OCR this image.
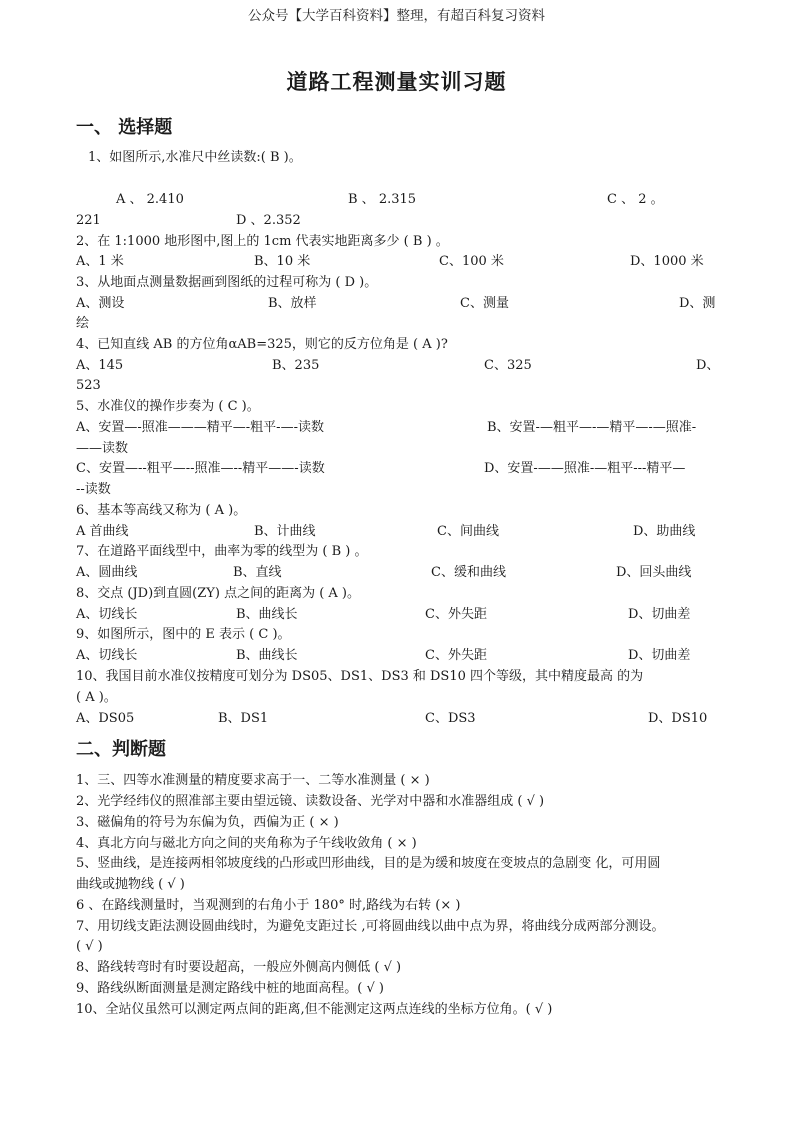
公众号【大学百科资料】整理，有超百科复习资料
道路工程测量实训习题
一、 选择题
1、如图所示,水准尺中丝读数:( B )。
A 、 2.410	B 、 2.315	C 、 2 。
221	D 、2.352
2、在 1:1000 地形图中,图上的 1cm 代表实地距离多少 ( B ) 。
A、1 米	B、10 米	C、100 米	D、1000 米
3、从地面点测量数据画到图纸的过程可称为 ( D )。
A、测设	B、放样	C、测量	D、测
绘
4、已知直线 AB 的方位角αAB=325，则它的反方位角是 ( A )?
A、145	B、235	C、325	D、
523
5、水准仪的操作步奏为 ( C )。
A、安置—-照准———精平—-粗平-—-读数	B、安置-—粗平—-—精平—-—照准-
——读数
C、安置—--粗平—--照准—--精平——-读数	D、安置-——照准-—粗平---精平—
--读数
6、基本等高线又称为 ( A )。
A 首曲线	B、计曲线	C、间曲线	D、助曲线
7、在道路平面线型中，曲率为零的线型为 ( B ) 。
A、圆曲线	B、直线	C、缓和曲线	D、回头曲线
8、交点 (JD)到直圆(ZY) 点之间的距离为 ( A )。
A、切线长	B、曲线长	C、外失距	D、切曲差
9、如图所示，图中的 E 表示 ( C )。
A、切线长	B、曲线长	C、外失距	D、切曲差
10、我国目前水准仪按精度可划分为 DS05、DS1、DS3 和 DS10 四个等级，其中精度最高 的为
( A )。
A、DS05	B、DS1	C、DS3	D、DS10
二、判断题
1、三、四等水准测量的精度要求高于一、二等水准测量 ( × )
2、光学经纬仪的照准部主要由望远镜、读数设备、光学对中器和水准器组成 ( √ )
3、磁偏角的符号为东偏为负，西偏为正 ( × )
4、真北方向与磁北方向之间的夹角称为子午线收敛角 ( × )
5、竖曲线，是连接两相邻坡度线的凸形或凹形曲线，目的是为缓和坡度在变坡点的急剧变 化，可用圆
曲线或抛物线 ( √ )
6 、在路线测量时，当观测到的右角小于 180° 时,路线为右转 (× )
7、用切线支距法测设圆曲线时，为避免支距过长 ,可将圆曲线以曲中点为界，将曲线分成两部分测设。
( √ )
8、路线转弯时有时要设超高，一般应外侧高内侧低 ( √ )
9、路线纵断面测量是测定路线中桩的地面高程。( √ )
10、全站仪虽然可以测定两点间的距离,但不能测定这两点连线的坐标方位角。( √ )
